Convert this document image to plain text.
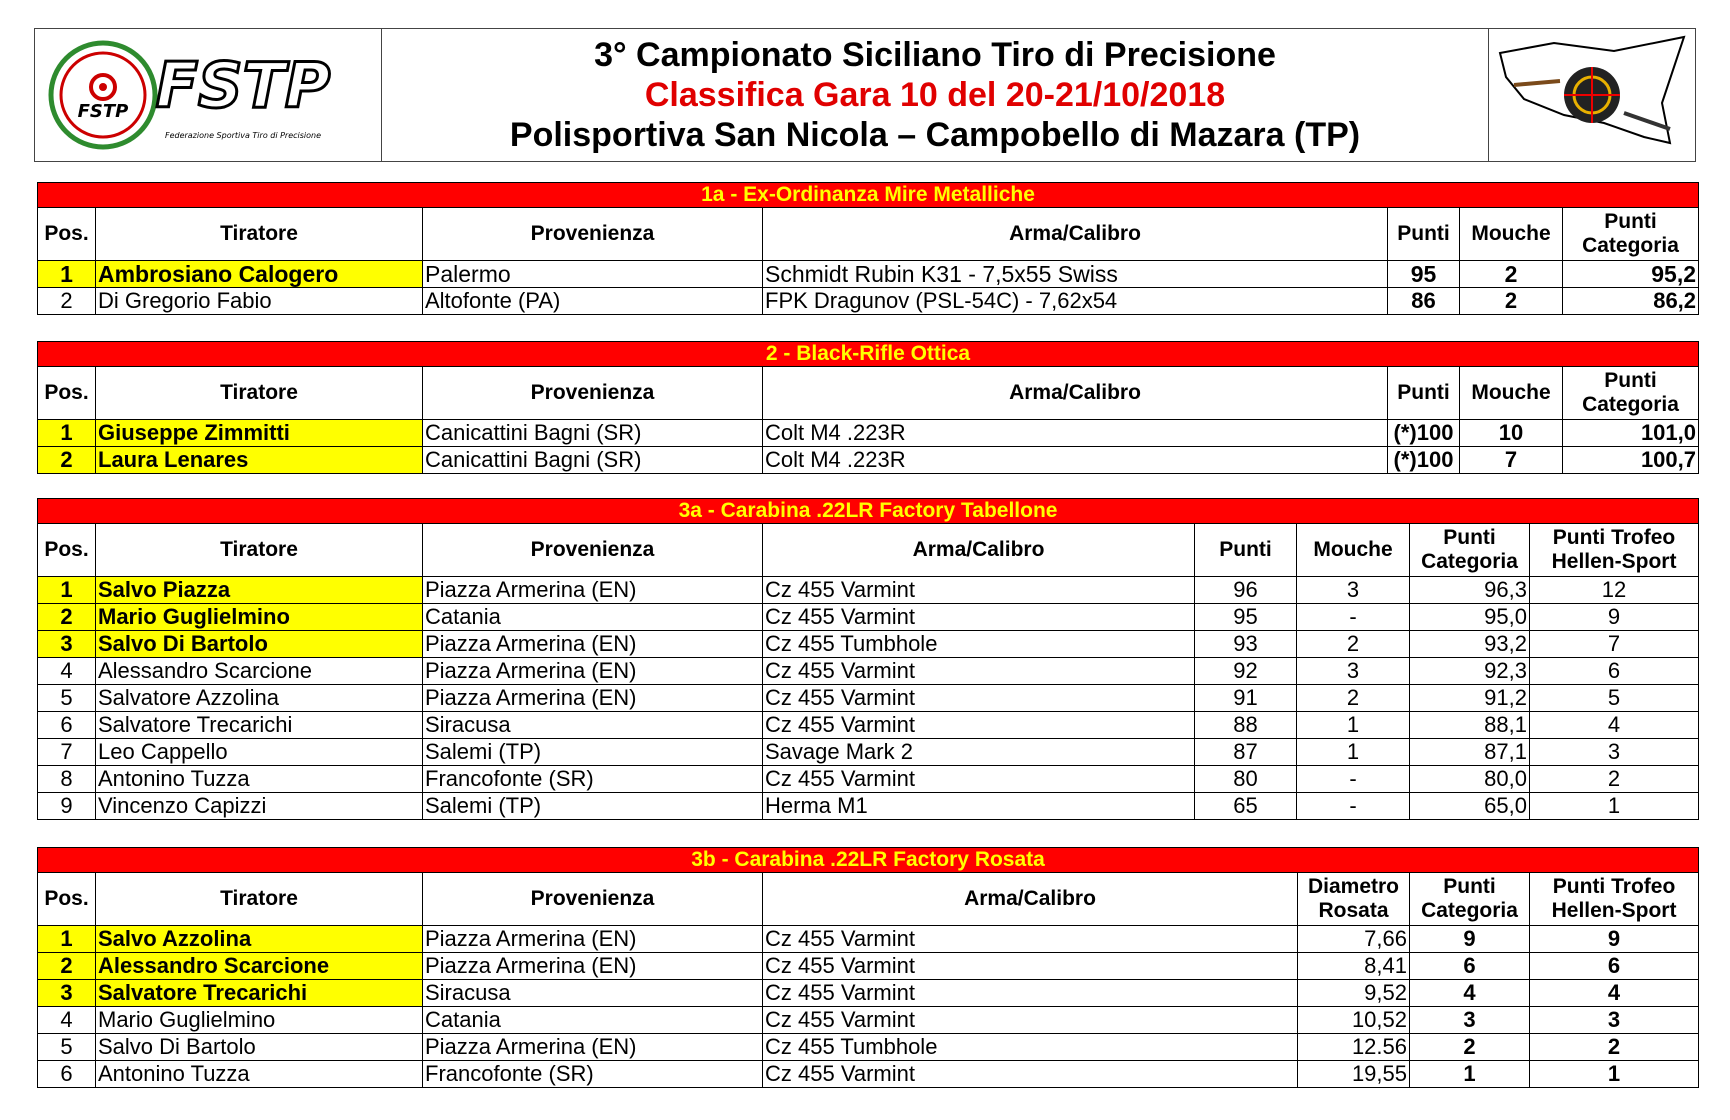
FSTP FSTP
Federazione Sportiva Tiro di Precisione
3° Campionato Siciliano Tiro di Precisione
Classifica Gara 10 del 20-21/10/2018
Polisportiva San Nicola – Campobello di Mazara (TP)
1a - Ex-Ordinanza Mire Metalliche						
Pos.	Tiratore	Provenienza	Arma/Calibro	Punti	Mouche	Punti Categoria
1	Ambrosiano Calogero	Palermo	Schmidt Rubin K31 - 7,5x55 Swiss	95	2	95,2
2	Di Gregorio Fabio	Altofonte (PA)	FPK Dragunov (PSL-54C) - 7,62x54	86	2	86,2
2 - Black-Rifle Ottica						
Pos.	Tiratore	Provenienza	Arma/Calibro	Punti	Mouche	Punti Categoria
1	Giuseppe Zimmitti	Canicattini Bagni (SR)	Colt M4 .223R	(*)100	10	101,0
2	Laura Lenares	Canicattini Bagni (SR)	Colt M4 .223R	(*)100	7	100,7
3a - Carabina .22LR Factory Tabellone							
Pos.	Tiratore	Provenienza	Arma/Calibro	Punti	Mouche	Punti Categoria	Punti Trofeo Hellen-Sport
1	Salvo Piazza	Piazza Armerina (EN)	Cz 455 Varmint	96	3	96,3	12
2	Mario Guglielmino	Catania	Cz 455 Varmint	95	-	95,0	9
3	Salvo Di Bartolo	Piazza Armerina (EN)	Cz 455 Tumbhole	93	2	93,2	7
4	Alessandro Scarcione	Piazza Armerina (EN)	Cz 455 Varmint	92	3	92,3	6
5	Salvatore Azzolina	Piazza Armerina (EN)	Cz 455 Varmint	91	2	91,2	5
6	Salvatore Trecarichi	Siracusa	Cz 455 Varmint	88	1	88,1	4
7	Leo Cappello	Salemi (TP)	Savage Mark 2	87	1	87,1	3
8	Antonino Tuzza	Francofonte (SR)	Cz 455 Varmint	80	-	80,0	2
9	Vincenzo Capizzi	Salemi (TP)	Herma M1	65	-	65,0	1
3b - Carabina .22LR Factory Rosata						
Pos.	Tiratore	Provenienza	Arma/Calibro	Diametro Rosata	Punti Categoria	Punti Trofeo Hellen-Sport
1	Salvo Azzolina	Piazza Armerina (EN)	Cz 455 Varmint	7,66	9	9
2	Alessandro Scarcione	Piazza Armerina (EN)	Cz 455 Varmint	8,41	6	6
3	Salvatore Trecarichi	Siracusa	Cz 455 Varmint	9,52	4	4
4	Mario Guglielmino	Catania	Cz 455 Varmint	10,52	3	3
5	Salvo Di Bartolo	Piazza Armerina (EN)	Cz 455 Tumbhole	12.56	2	2
6	Antonino Tuzza	Francofonte (SR)	Cz 455 Varmint	19,55	1	1
